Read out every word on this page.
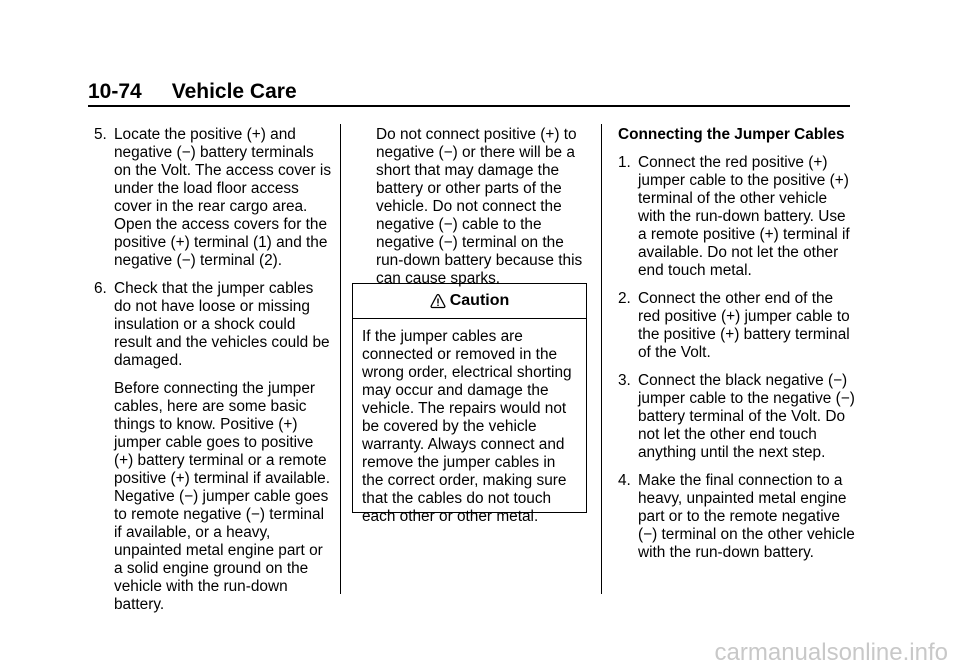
10-74 Vehicle Care
5. Locate the positive (+) and negative (−) battery terminals on the Volt. The access cover is under the load floor access cover in the rear cargo area. Open the access covers for the positive (+) terminal (1) and the negative (−) terminal (2).
6. Check that the jumper cables do not have loose or missing insulation or a shock could result and the vehicles could be damaged.
Before connecting the jumper cables, here are some basic things to know. Positive (+) jumper cable goes to positive (+) battery terminal or a remote positive (+) terminal if available. Negative (−) jumper cable goes to remote negative (−) terminal if available, or a heavy, unpainted metal engine part or a solid engine ground on the vehicle with the run-down battery.
Do not connect positive (+) to negative (−) or there will be a short that may damage the battery or other parts of the vehicle. Do not connect the negative (−) cable to the negative (−) terminal on the run-down battery because this can cause sparks.
Caution
If the jumper cables are connected or removed in the wrong order, electrical shorting may occur and damage the vehicle. The repairs would not be covered by the vehicle warranty. Always connect and remove the jumper cables in the correct order, making sure that the cables do not touch each other or other metal.
Connecting the Jumper Cables
1. Connect the red positive (+) jumper cable to the positive (+) terminal of the other vehicle with the run-down battery. Use a remote positive (+) terminal if available. Do not let the other end touch metal.
2. Connect the other end of the red positive (+) jumper cable to the positive (+) battery terminal of the Volt.
3. Connect the black negative (−) jumper cable to the negative (−) battery terminal of the Volt. Do not let the other end touch anything until the next step.
4. Make the final connection to a heavy, unpainted metal engine part or to the remote negative (−) terminal on the other vehicle with the run-down battery.
carmanualsonline.info
